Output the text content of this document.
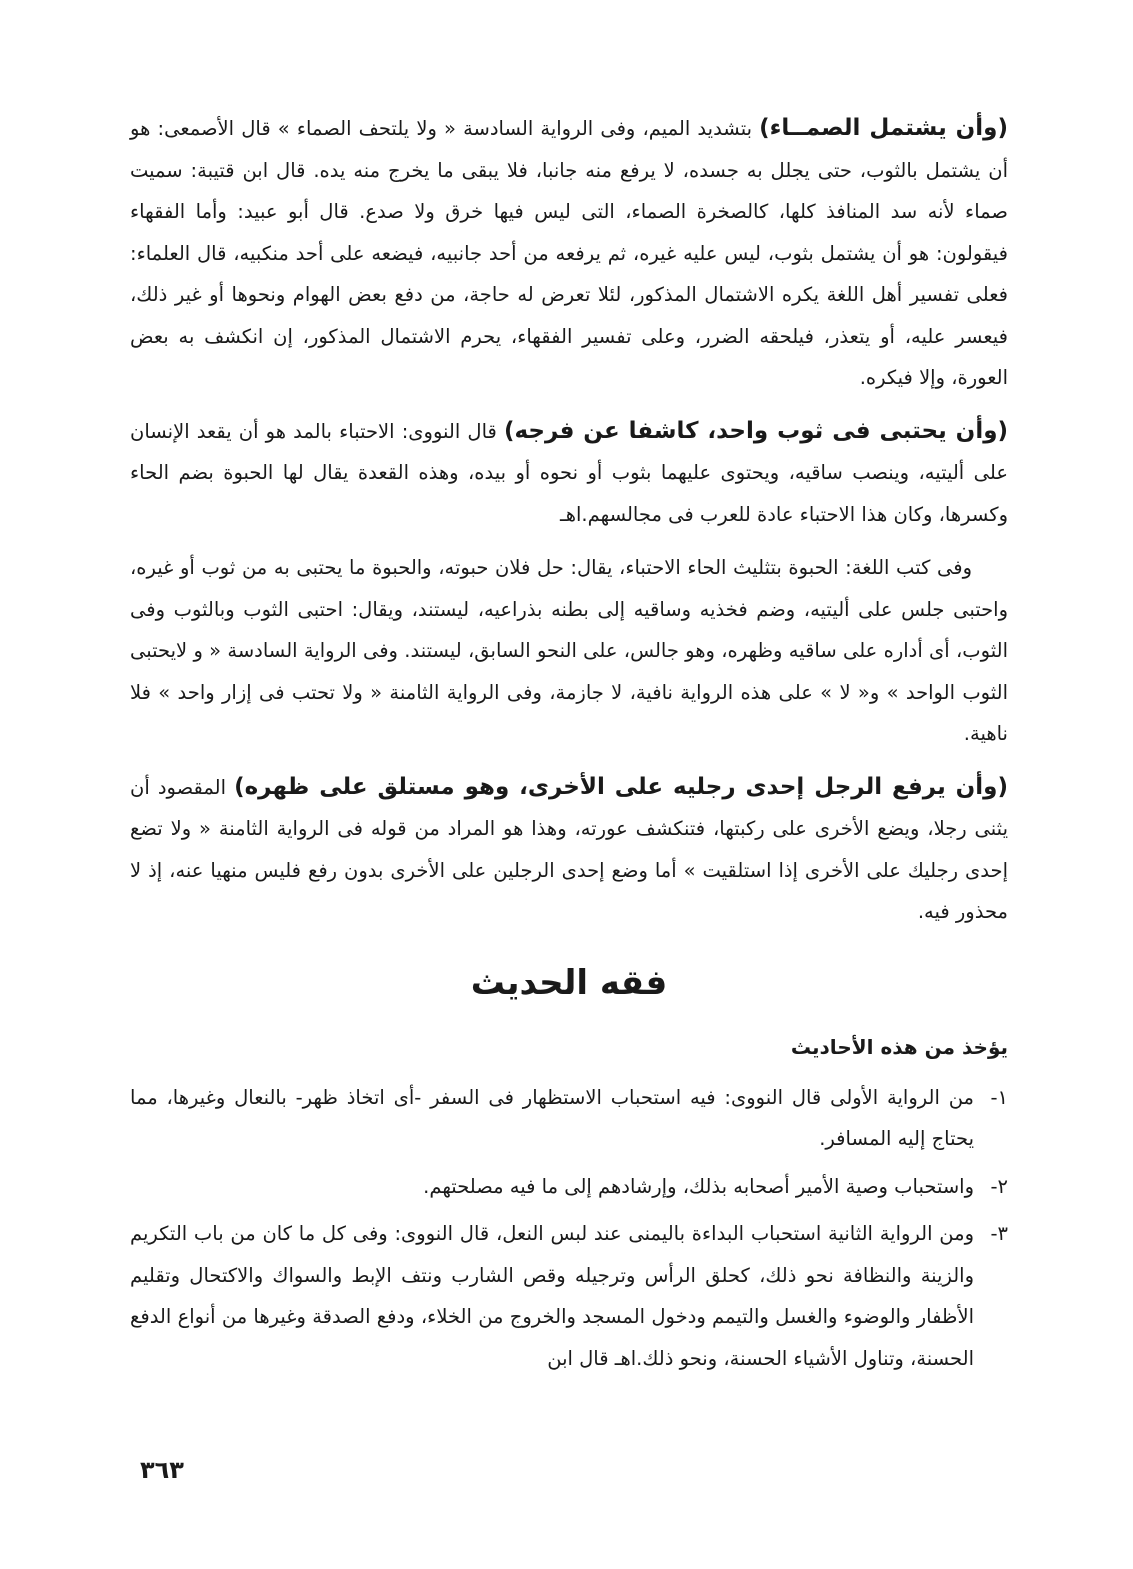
(وأن يشتمل الصمــاء) بتشديد الميم، وفى الرواية السادسة « ولا يلتحف الصماء » قال الأصمعى: هو أن يشتمل بالثوب، حتى يجلل به جسده، لا يرفع منه جانبا، فلا يبقى ما يخرج منه يده. قال ابن قتيبة: سميت صماء لأنه سد المنافذ كلها، كالصخرة الصماء، التى ليس فيها خرق ولا صدع. قال أبو عبيد: وأما الفقهاء فيقولون: هو أن يشتمل بثوب، ليس عليه غيره، ثم يرفعه من أحد جانبيه، فيضعه على أحد منكبيه، قال العلماء: فعلى تفسير أهل اللغة يكره الاشتمال المذكور، لئلا تعرض له حاجة، من دفع بعض الهوام ونحوها أو غير ذلك، فيعسر عليه، أو يتعذر، فيلحقه الضرر، وعلى تفسير الفقهاء، يحرم الاشتمال المذكور، إن انكشف به بعض العورة، وإلا فيكره.

(وأن يحتبى فى ثوب واحد، كاشفا عن فرجه) قال النووى: الاحتباء بالمد هو أن يقعد الإنسان على أليتيه، وينصب ساقيه، ويحتوى عليهما بثوب أو نحوه أو بيده، وهذه القعدة يقال لها الحبوة بضم الحاء وكسرها، وكان هذا الاحتباء عادة للعرب فى مجالسهم.اهـ

وفى كتب اللغة: الحبوة بتثليث الحاء الاحتباء، يقال: حل فلان حبوته، والحبوة ما يحتبى به من ثوب أو غيره، واحتبى جلس على أليتيه، وضم فخذيه وساقيه إلى بطنه بذراعيه، ليستند، ويقال: احتبى الثوب وبالثوب وفى الثوب، أى أداره على ساقيه وظهره، وهو جالس، على النحو السابق، ليستند. وفى الرواية السادسة « و لايحتبى الثوب الواحد » و« لا » على هذه الرواية نافية، لا جازمة، وفى الرواية الثامنة « ولا تحتب فى إزار واحد » فلا ناهية.

(وأن يرفع الرجل إحدى رجليه على الأخرى، وهو مستلق على ظهره) المقصود أن يثنى رجلا، ويضع الأخرى على ركبتها، فتنكشف عورته، وهذا هو المراد من قوله فى الرواية الثامنة « ولا تضع إحدى رجليك على الأخرى إذا استلقيت » أما وضع إحدى الرجلين على الأخرى بدون رفع فليس منهيا عنه، إذ لا محذور فيه.

فقه الحديث
يؤخذ من هذه الأحاديث
١-
من الرواية الأولى قال النووى: فيه استحباب الاستظهار فى السفر -أى اتخاذ ظهر- بالنعال وغيرها، مما يحتاج إليه المسافر.
٢-
واستحباب وصية الأمير أصحابه بذلك، وإرشادهم إلى ما فيه مصلحتهم.
٣-
ومن الرواية الثانية استحباب البداءة باليمنى عند لبس النعل، قال النووى: وفى كل ما كان من باب التكريم والزينة والنظافة نحو ذلك، كحلق الرأس وترجيله وقص الشارب ونتف الإبط والسواك والاكتحال وتقليم الأظفار والوضوء والغسل والتيمم ودخول المسجد والخروج من الخلاء، ودفع الصدقة وغيرها من أنواع الدفع الحسنة، وتناول الأشياء الحسنة، ونحو ذلك.اهـ قال ابن
٣٦٣
